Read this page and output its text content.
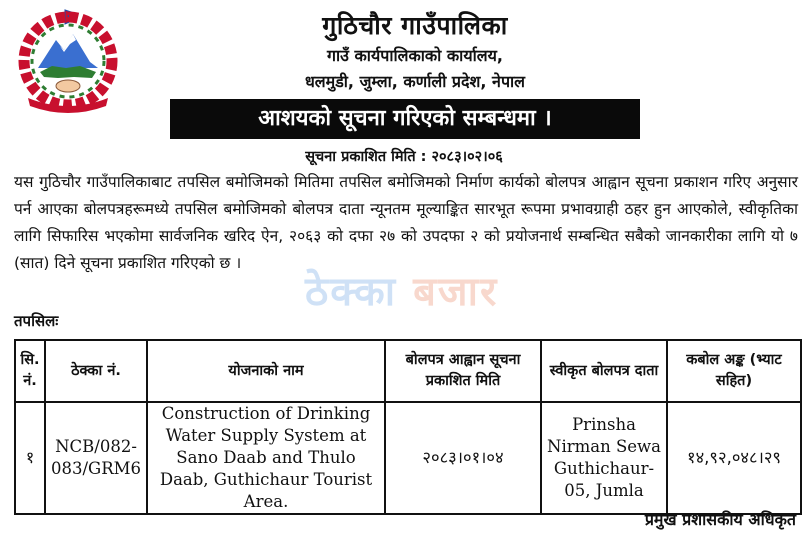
गुठिचौर गाउँपालिका
गाउँ कार्यपालिकाको कार्यालय,
धलमुडी, जुम्ला, कर्णाली प्रदेश, नेपाल
आशयको सूचना गरिएको सम्बन्धमा ।
सूचना प्रकाशित मिति : २०८३।०२।०६
यस गुठिचौर गाउँपालिकाबाट तपसिल बमोजिमको मितिमा तपसिल बमोजिमको निर्माण कार्यको बोलपत्र आह्वान सूचना प्रकाशन गरिए अनुसार पर्न आएका बोलपत्रहरूमध्ये तपसिल बमोजिमको बोलपत्र दाता न्यूनतम मूल्याङ्कित सारभूत रूपमा प्रभावग्राही ठहर हुन आएकोले, स्वीकृतिका लागि सिफारिस भएकोमा सार्वजनिक खरिद ऐन, २०६३ को दफा २७ को उपदफा २ को प्रयोजनार्थ सम्बन्धित सबैको जानकारीका लागि यो ७ (सात) दिने सूचना प्रकाशित गरिएको छ ।
ठेक्का बजार
तपसिलः
सि. नं.	ठेक्का नं.	योजनाको नाम	बोलपत्र आह्वान सूचना प्रकाशित मिति	स्वीकृत बोलपत्र दाता	कबोल अङ्क (भ्याट सहित)
१	NCB/082-083/GRM6	Construction of Drinking Water Supply System at Sano Daab and Thulo Daab, Guthichaur Tourist Area.	२०८३।०१।०४	Prinsha Nirman Sewa Guthichaur-05, Jumla	१४,९२,०४८।२९
प्रमुख प्रशासकीय अधिकृत
